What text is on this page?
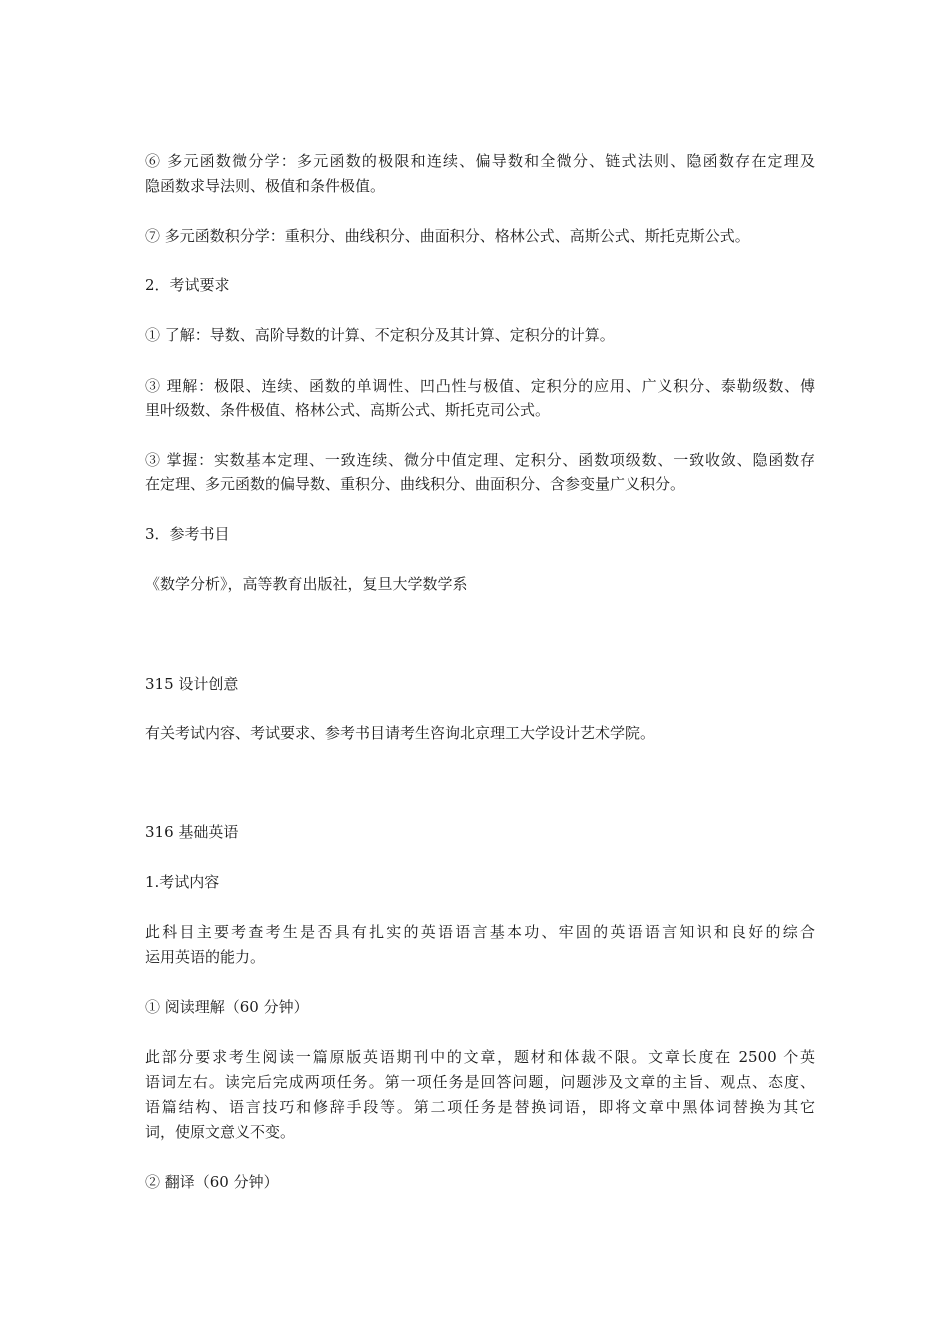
⑥ 多元函数微分学：多元函数的极限和连续、偏导数和全微分、链式法则、隐函数存在定理及
隐函数求导法则、极值和条件极值。
⑦ 多元函数积分学：重积分、曲线积分、曲面积分、格林公式、高斯公式、斯托克斯公式。
2．考试要求
① 了解：导数、高阶导数的计算、不定积分及其计算、定积分的计算。
③ 理解：极限、连续、函数的单调性、凹凸性与极值、定积分的应用、广义积分、泰勒级数、傅
里叶级数、条件极值、格林公式、高斯公式、斯托克司公式。
③ 掌握：实数基本定理、一致连续、微分中值定理、定积分、函数项级数、一致收敛、隐函数存
在定理、多元函数的偏导数、重积分、曲线积分、曲面积分、含参变量广义积分。
3．参考书目
《数学分析》，高等教育出版社，复旦大学数学系
315 设计创意
有关考试内容、考试要求、参考书目请考生咨询北京理工大学设计艺术学院。
316 基础英语
1.考试内容
此科目主要考查考生是否具有扎实的英语语言基本功、牢固的英语语言知识和良好的综合
运用英语的能力。
① 阅读理解（60 分钟）
此部分要求考生阅读一篇原版英语期刊中的文章，题材和体裁不限。文章长度在 2500 个英
语词左右。读完后完成两项任务。第一项任务是回答问题，问题涉及文章的主旨、观点、态度、
语篇结构、语言技巧和修辞手段等。第二项任务是替换词语，即将文章中黑体词替换为其它
词，使原文意义不变。
② 翻译（60 分钟）
